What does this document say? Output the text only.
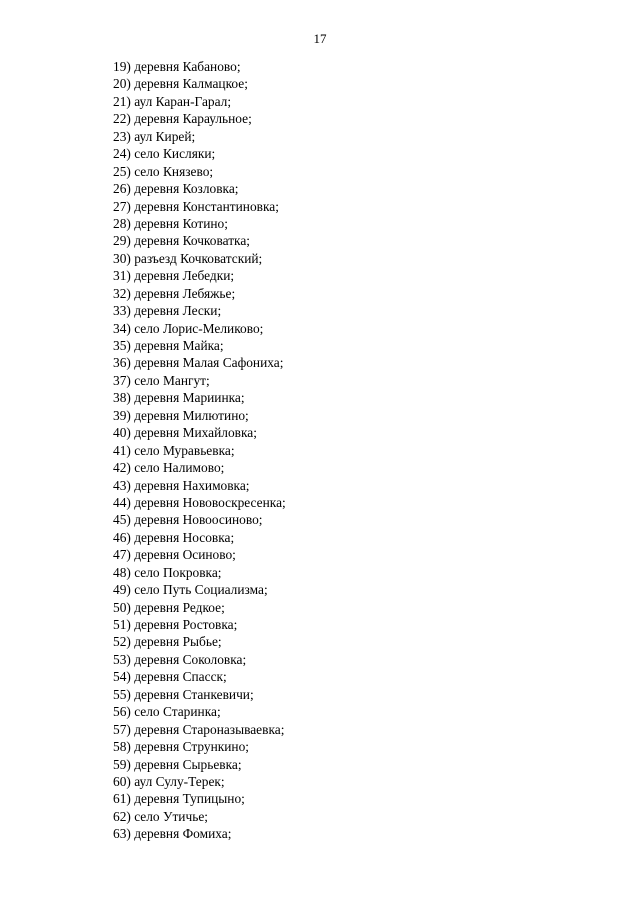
17
19) деревня Кабаново;
20) деревня Калмацкое;
21) аул Каран-Гарал;
22) деревня Караульное;
23) аул Кирей;
24) село Кисляки;
25) село Князево;
26) деревня Козловка;
27) деревня Константиновка;
28) деревня Котино;
29) деревня Кочковатка;
30) разъезд Кочковатский;
31) деревня Лебедки;
32) деревня Лебяжье;
33) деревня Лески;
34) село Лорис-Меликово;
35) деревня Майка;
36) деревня Малая Сафониха;
37) село Мангут;
38) деревня Мариинка;
39) деревня Милютино;
40) деревня Михайловка;
41) село Муравьевка;
42) село Налимово;
43) деревня Нахимовка;
44) деревня Нововоскресенка;
45) деревня Новоосиново;
46) деревня Носовка;
47) деревня Осиново;
48) село Покровка;
49) село Путь Социализма;
50) деревня Редкое;
51) деревня Ростовка;
52) деревня Рыбье;
53) деревня Соколовка;
54) деревня Спасск;
55) деревня Станкевичи;
56) село Старинка;
57) деревня Староназываевка;
58) деревня Стрункино;
59) деревня Сырьевка;
60) аул Сулу-Терек;
61) деревня Тупицыно;
62) село Утичье;
63) деревня Фомиха;
